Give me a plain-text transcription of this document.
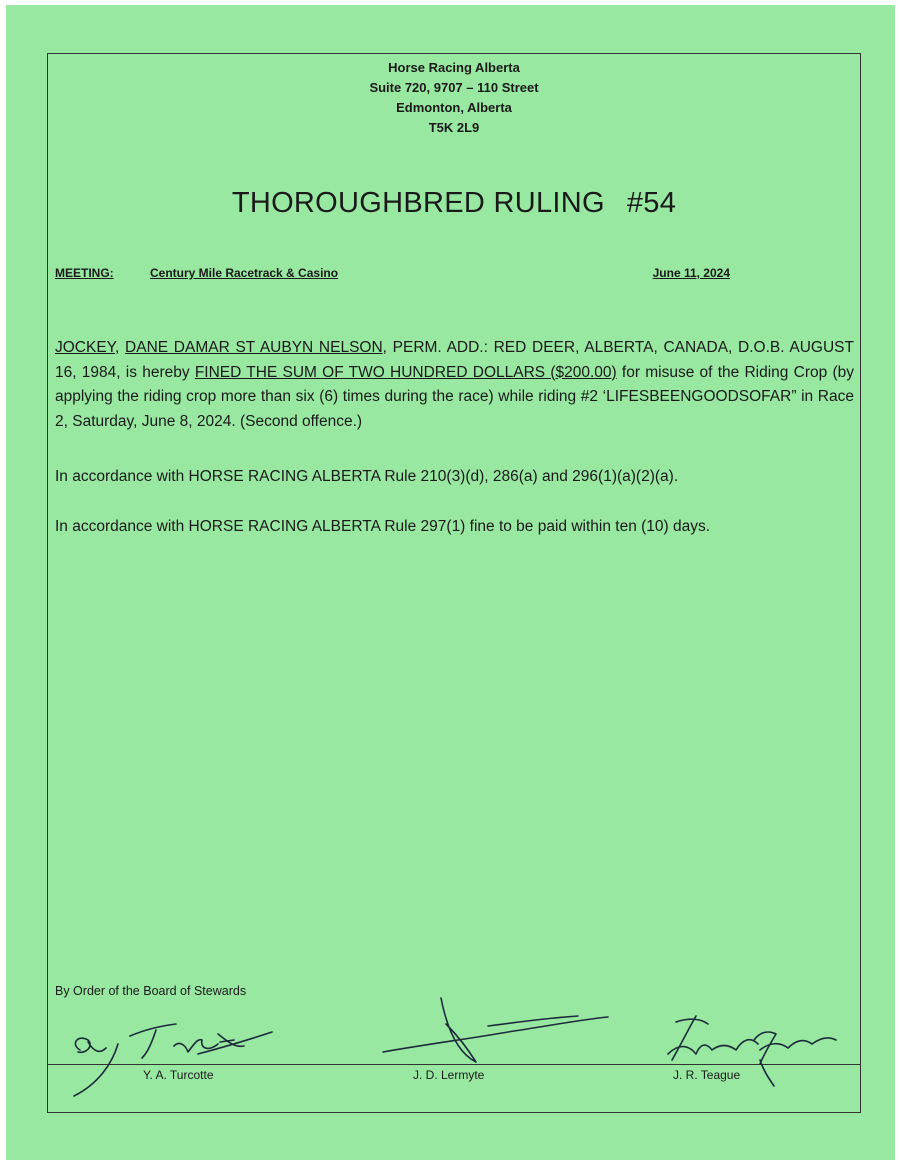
Horse Racing Alberta
Suite 720, 9707 – 110 Street
Edmonton, Alberta
T5K 2L9
THOROUGHBRED RULING #54
MEETING:	Century Mile Racetrack & Casino	June 11, 2024
JOCKEY, DANE DAMAR ST AUBYN NELSON, PERM. ADD.: RED DEER, ALBERTA, CANADA, D.O.B. AUGUST 16, 1984, is hereby FINED THE SUM OF TWO HUNDRED DOLLARS ($200.00) for misuse of the Riding Crop (by applying the riding crop more than six (6) times during the race) while riding #2 ‘LIFESBEENGOODSOFAR” in Race 2, Saturday, June 8, 2024. (Second offence.)
In accordance with HORSE RACING ALBERTA Rule 210(3)(d), 286(a) and 296(1)(a)(2)(a).
In accordance with HORSE RACING ALBERTA Rule 297(1) fine to be paid within ten (10) days.
By Order of the Board of Stewards
Y. A. Turcotte	J. D. Lermyte	J. R. Teague
